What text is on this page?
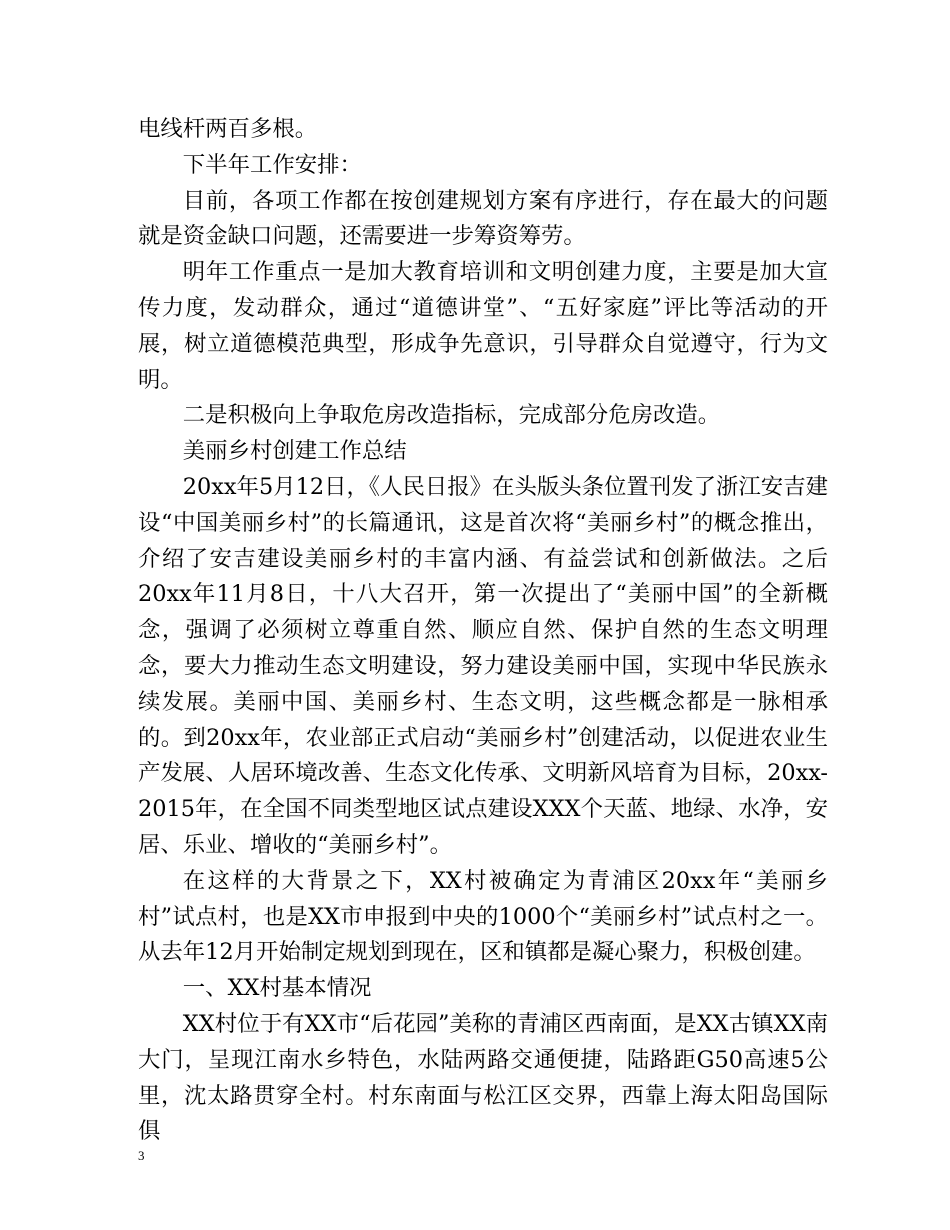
电线杆两百多根。

下半年工作安排：

目前，各项工作都在按创建规划方案有序进行，存在最大的问题就是资金缺口问题，还需要进一步筹资筹劳。

明年工作重点一是加大教育培训和文明创建力度，主要是加大宣传力度，发动群众，通过“道德讲堂”、“五好家庭”评比等活动的开展，树立道德模范典型，形成争先意识，引导群众自觉遵守，行为文明。

二是积极向上争取危房改造指标，完成部分危房改造。

美丽乡村创建工作总结

20xx年5月12日，《人民日报》在头版头条位置刊发了浙江安吉建设“中国美丽乡村”的长篇通讯，这是首次将“美丽乡村”的概念推出，介绍了安吉建设美丽乡村的丰富内涵、有益尝试和创新做法。之后20xx年11月8日，十八大召开，第一次提出了“美丽中国”的全新概念，强调了必须树立尊重自然、顺应自然、保护自然的生态文明理念，要大力推动生态文明建设，努力建设美丽中国，实现中华民族永续发展。美丽中国、美丽乡村、生态文明，这些概念都是一脉相承的。到20xx年，农业部正式启动“美丽乡村”创建活动，以促进农业生产发展、人居环境改善、生态文化传承、文明新风培育为目标，20xx-2015年，在全国不同类型地区试点建设XXX个天蓝、地绿、水净，安居、乐业、增收的“美丽乡村”。

在这样的大背景之下，XX村被确定为青浦区20xx年“美丽乡村”试点村，也是XX市申报到中央的1000个“美丽乡村”试点村之一。从去年12月开始制定规划到现在，区和镇都是凝心聚力，积极创建。

一、XX村基本情况

XX村位于有XX市“后花园”美称的青浦区西南面，是XX古镇XX南大门，呈现江南水乡特色，水陆两路交通便捷，陆路距G50高速5公里，沈太路贯穿全村。村东南面与松江区交界，西靠上海太阳岛国际俱

3
